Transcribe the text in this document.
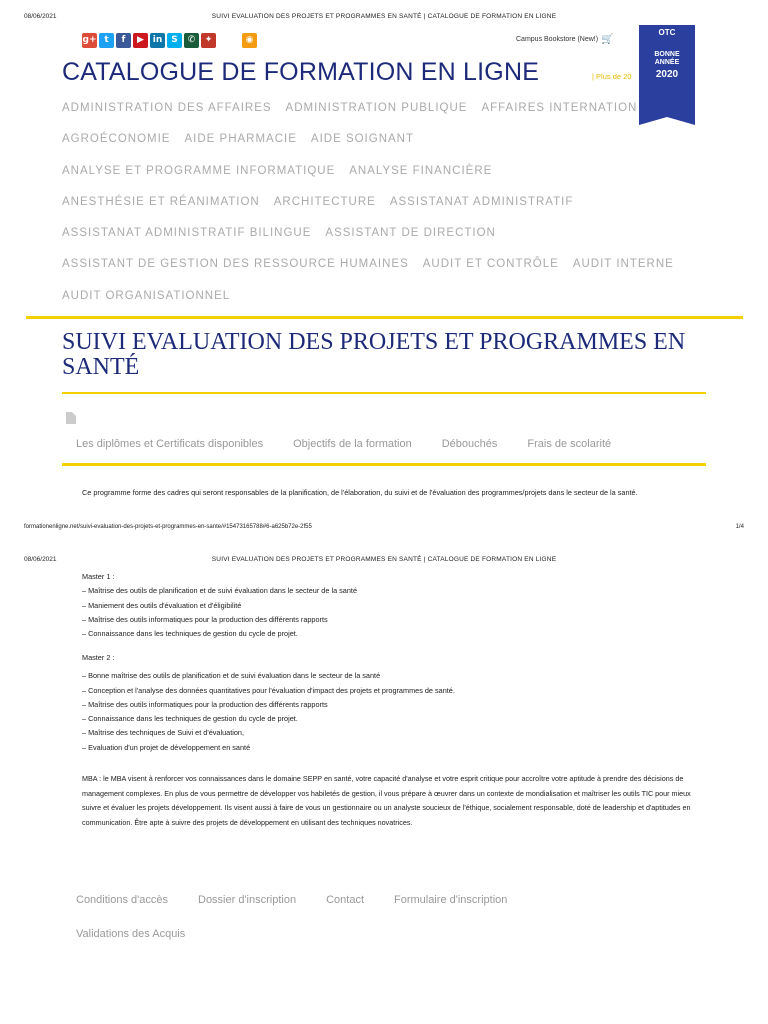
08/06/2021	SUIVI EVALUATION DES PROJETS ET PROGRAMMES EN SANTÉ | CATALOGUE DE FORMATION EN LIGNE
g+ t	f	▶ in	S	✆	✦	◉	Campus Bookstore (New!) 🛒
OTC
BONNE
ANNÉE
2020
CATALOGUE DE FORMATION EN LIGNE	| Plus de 20
ADMINISTRATION DES AFFAIRES ADMINISTRATION PUBLIQUE AFFAIRES INTERNATION
AGROÉCONOMIE AIDE PHARMACIE AIDE SOIGNANT
ANALYSE ET PROGRAMME INFORMATIQUE ANALYSE FINANCIÈRE
ANESTHÉSIE ET RÉANIMATION ARCHITECTURE ASSISTANAT ADMINISTRATIF
ASSISTANAT ADMINISTRATIF BILINGUE ASSISTANT DE DIRECTION
ASSISTANT DE GESTION DES RESSOURCE HUMAINES AUDIT ET CONTRÔLE AUDIT INTERNE
AUDIT ORGANISATIONNEL
SUIVI EVALUATION DES PROJETS ET PROGRAMMES EN SANTÉ
Les diplômes et Certificats disponibles	Objectifs de la formation	Débouchés	Frais de scolarité

Ce programme forme des cadres qui seront responsables de la planification, de l'élaboration, du suivi et de l'évaluation des programmes/projets dans le secteur de la santé.

formationenligne.net/suivi-evaluation-des-projets-et-programmes-en-sante/#15473165788#6-a625b72e-2f55	1/4
08/06/2021	SUIVI EVALUATION DES PROJETS ET PROGRAMMES EN SANTÉ | CATALOGUE DE FORMATION EN LIGNE
Master 1 :
– Maîtrise des outils de planification et de suivi évaluation dans le secteur de la santé
– Maniement des outils d'évaluation et d'éligibilité
– Maîtrise des outils informatiques pour la production des différents rapports
– Connaissance dans les techniques de gestion du cycle de projet.
Master 2 :
– Bonne maîtrise des outils de planification et de suivi évaluation dans le secteur de la santé
– Conception et l'analyse des données quantitatives pour l'évaluation d'impact des projets et programmes de santé.
– Maîtrise des outils informatiques pour la production des différents rapports
– Connaissance dans les techniques de gestion du cycle de projet.
– Maîtrise des techniques de Suivi et d'évaluation,
– Evaluation d'un projet de développement en santé

MBA : le MBA visent à renforcer vos connaissances dans le domaine SEPP en santé, votre capacité d'analyse et votre esprit critique pour accroître votre aptitude à prendre des décisions de management complexes. En plus de vous permettre de développer vos habiletés de gestion, il vous prépare à œuvrer dans un contexte de mondialisation et maîtriser les outils TIC pour mieux suivre et évaluer les projets développement. Ils visent aussi à faire de vous un gestionnaire ou un analyste soucieux de l'éthique, socialement responsable, doté de leadership et d'aptitudes en communication. Être apte à suivre des projets de développement en utilisant des techniques novatrices.

Conditions d'accès	Dossier d'inscription	Contact	Formulaire d'inscription
Validations des Acquis
